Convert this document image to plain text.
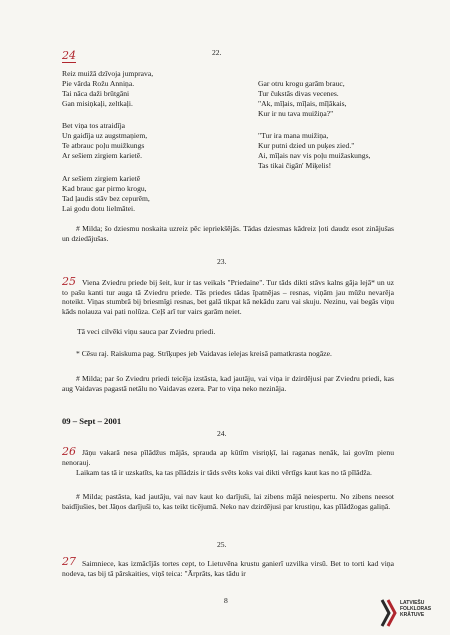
24	22.
Reiz muižā dzīvoja jumprava,
Pie vārda Rožu Anniņa.
Tai nāca daži brūtgāni
Gan misiņkaļi, zeltkaļi.
Bet viņa tos atraidīja
Un gaidīja uz augstmaņiem,
Te atbrauc poļu muižkungs
Ar sešiem zirgiem karietē.
Ar sešiem zirgiem karietē
Kad brauc gar pirmo krogu,
Tad ļaudis stāv bez cepurēm,
Lai godu dotu lielmātei.
Gar otru krogu garām brauc,
Tur čukstās divas vecenes.
"Ak, mīļais, mīļais, mīļākais,
Kur ir nu tava muižiņa?"
"Tur ira mana muižiņa,
Kur putni dzied un puķes zied."
Ai, mīļais nav vis poļu muižaskungs,
Tas tikai čigān' Miķelis!
# Milda; šo dziesmu noskaita uzreiz pēc iepriekšējās. Tādas dziesmas kādreiz ļoti daudz esot zinājušas un dziedājušas.
23.
25 Viena Zviedru priede bij šeit, kur ir tas veikals "Priedaine". Tur tāds dikti stāvs kalns gāja lejā* un uz to pašu kanti tur auga tā Zviedru priede. Tās priedes tādas īpatnējas – resnas, viņām jau mūžu nevarēja noteikt. Viņas stumbrā bij briesmīgi resnas, bet galā tikpat kā nekādu zaru vai skuju. Nezinu, vai begās viņu kāds nolauza vai pati nolūza. Ceļš arī tur vairs garām neiet.
Tā veci cilvēki viņu sauca par Zviedru priedi.
* Cēsu raj. Raiskuma pag. Strīķupes jeb Vaidavas ielejas kreisā pamatkrasta nogāze.
# Milda; par šo Zviedru priedi teicēja izstāsta, kad jautāju, vai viņa ir dzirdējusi par Zviedru priedi, kas aug Vaidavas pagastā netālu no Vaidavas ezera. Par to viņa neko nezināja.
09 – Sept – 2001
24.
26 Jāņu vakarā nesa pīlādžus mājās, sprauda ap kūtīm visriņķī, lai raganas nenāk, lai govīm pienu nenorauj.
Laikam tas tā ir uzskatīts, ka tas pīlādzis ir tāds svēts koks vai dikti vērtīgs kaut kas no tā pīlādža.
# Milda; pastāsta, kad jautāju, vai nav kaut ko darījuši, lai zibens mājā neiespertu. No zibens neesot baidījušies, bet Jāņos darījuši to, kas teikt ticējumā. Neko nav dzirdējusi par krustiņu, kas pīlādžogas galiņā.
25.
27 Saimniece, kas izmācījās tortes cept, to Lietuvēna krustu ganierī uzvilka virsū. Bet to torti kad viņa nodeva, tas bij tā pārskaities, viņš teica: "Ārprāts, kas tādu ir
8	LATVIEŠU
FOLKLORAS
KRĀTUVE
